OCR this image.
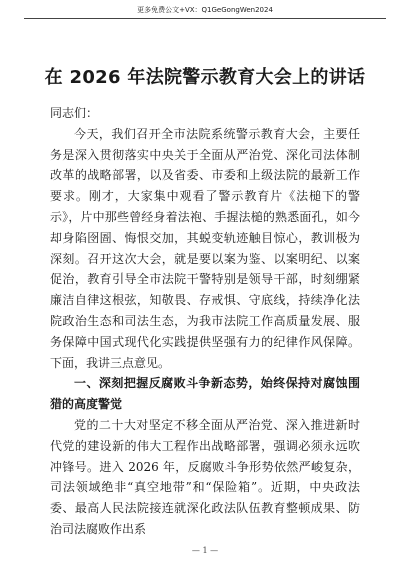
更多免费公文+VX：Q1GeGongWen2024
在 2026 年法院警示教育大会上的讲话
同志们：
今天，我们召开全市法院系统警示教育大会，主要任务是深入贯彻落实中央关于全面从严治党、深化司法体制改革的战略部署，以及省委、市委和上级法院的最新工作要求。刚才，大家集中观看了警示教育片《法槌下的警示》，片中那些曾经身着法袍、手握法槌的熟悉面孔，如今却身陷囹圄、悔恨交加，其蜕变轨迹触目惊心，教训极为深刻。召开这次大会，就是要以案为鉴、以案明纪、以案促治，教育引导全市法院干警特别是领导干部，时刻绷紧廉洁自律这根弦，知敬畏、存戒惧、守底线，持续净化法院政治生态和司法生态，为我市法院工作高质量发展、服务保障中国式现代化实践提供坚强有力的纪律作风保障。下面，我讲三点意见。
一、深刻把握反腐败斗争新态势，始终保持对腐蚀围猎的高度警觉
党的二十大对坚定不移全面从严治党、深入推进新时代党的建设新的伟大工程作出战略部署，强调必须永远吹冲锋号。进入 2026 年，反腐败斗争形势依然严峻复杂，司法领域绝非“真空地带”和“保险箱”。近期，中央政法委、最高人民法院接连就深化政法队伍教育整顿成果、防治司法腐败作出系
— 1 —
